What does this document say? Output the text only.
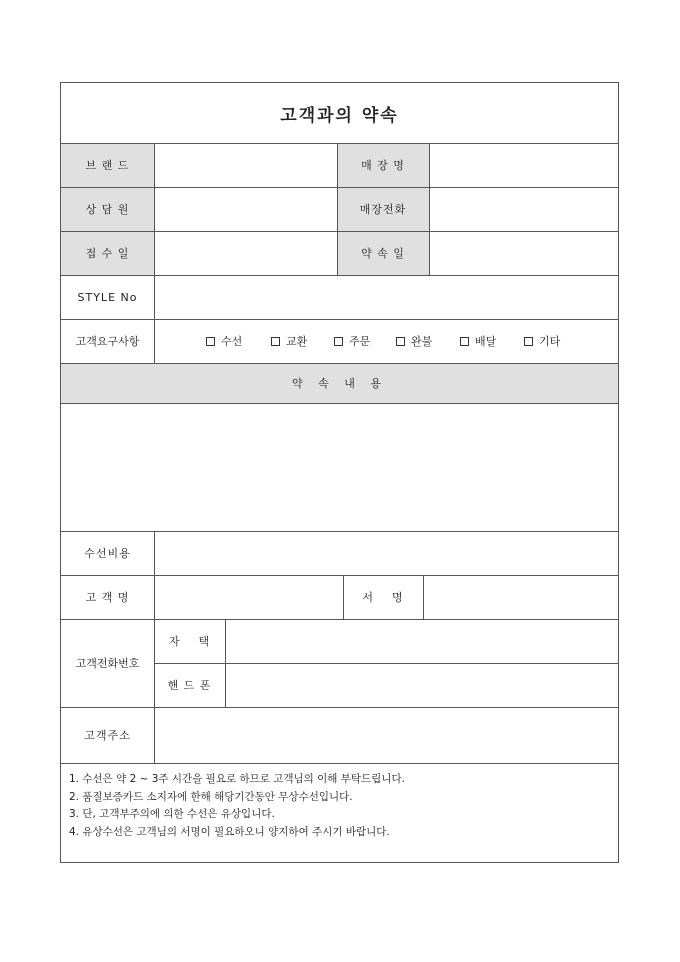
고객과의 약속
브 랜 드	매 장 명
상 담 원	매장전화
접 수 일	약 속 일
STYLE No
고객요구사항	수선	교환	주문	완불	배달	기타
약 속 내 용
수선비용
고 객 명	서    명
고객전화번호
자    택
핸 드 폰
고객주소
1. 수선은 약 2 ~ 3주 시간을 필요로 하므로 고객님의 이해 부탁드립니다.
2. 품질보증카드 소지자에 한해 해당기간동안 무상수선입니다.
3. 단, 고객부주의에 의한 수선은 유상입니다.
4. 유상수선은 고객님의 서명이 필요하오니 양지하여 주시기 바랍니다.
